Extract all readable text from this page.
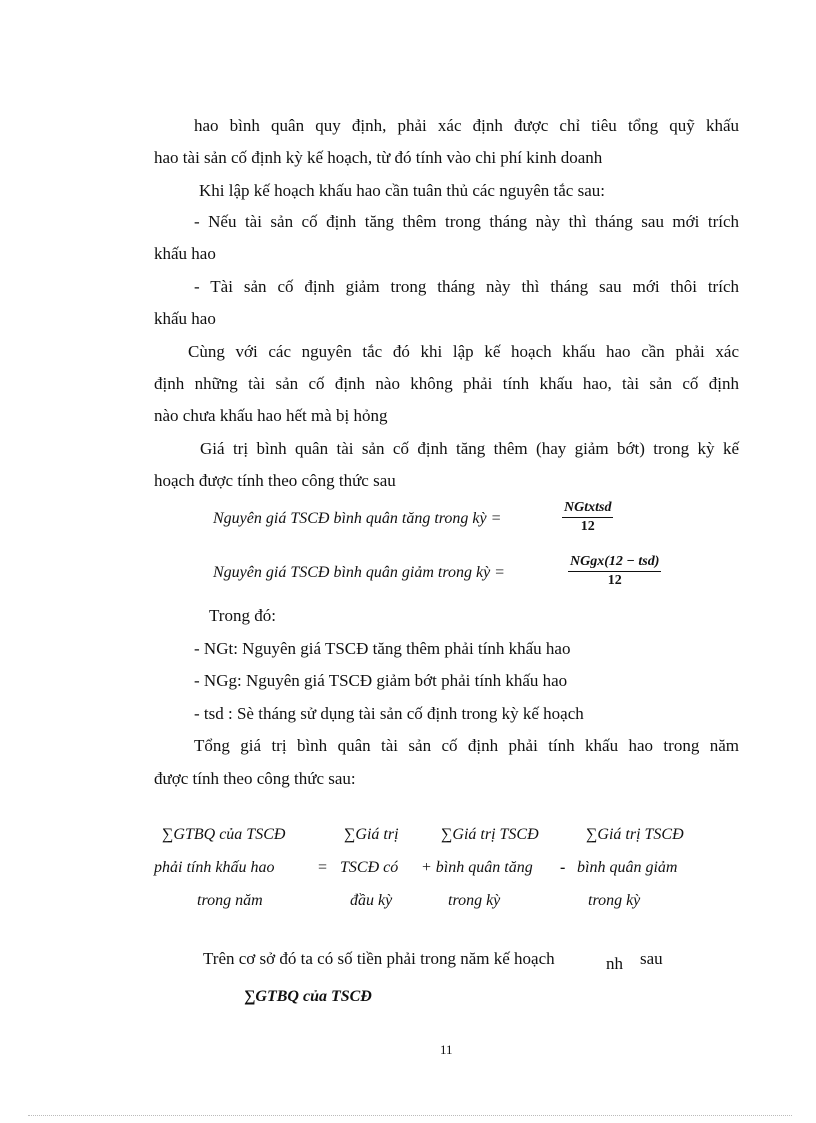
hao bình quân quy định, phải xác định được chỉ tiêu tổng quỹ khấu
hao tài sản cố định kỳ kế hoạch, từ đó tính vào chi phí kinh doanh
Khi lập kế hoạch khấu hao cần tuân thủ các nguyên tắc sau:
- Nếu tài sản cố định tăng thêm trong tháng này thì tháng sau mới trích
khấu hao
- Tài sản cố định giảm trong tháng này thì tháng sau mới thôi trích
khấu hao
Cùng với các nguyên tắc đó khi lập kế hoạch khấu hao cần phải xác
định những tài sản cố định nào không phải tính khấu hao, tài sản cố định
nào chưa khấu hao hết mà bị hỏng
Giá trị bình quân tài sản cố định tăng thêm (hay giảm bớt) trong kỳ kế
hoạch được tính theo công thức sau
Nguyên giá TSCĐ bình quân tăng trong kỳ =
NGtxtsd
12
Nguyên giá TSCĐ bình quân giảm trong kỳ =
NGgx(12 − tsd)
12
Trong đó:
- NGt: Nguyên giá TSCĐ tăng thêm phải tính khấu hao
- NGg: Nguyên giá TSCĐ giảm bớt phải tính khấu hao
- tsd : Sè tháng sử dụng tài sản cố định trong kỳ kế hoạch
Tổng giá trị bình quân tài sản cố định phải tính khấu hao trong năm
được tính theo công thức sau:
∑GTBQ của TSCĐ	∑Giá trị	∑Giá trị TSCĐ	∑Giá trị TSCĐ
phải tính khấu hao	= TSCĐ có + bình quân tăng - bình quân giảm
trong năm	đầu kỳ	trong kỳ	trong kỳ
Trên cơ sở đó ta có số tiền phải trong năm kế hoạch	nh sau
∑GTBQ của TSCĐ
11
